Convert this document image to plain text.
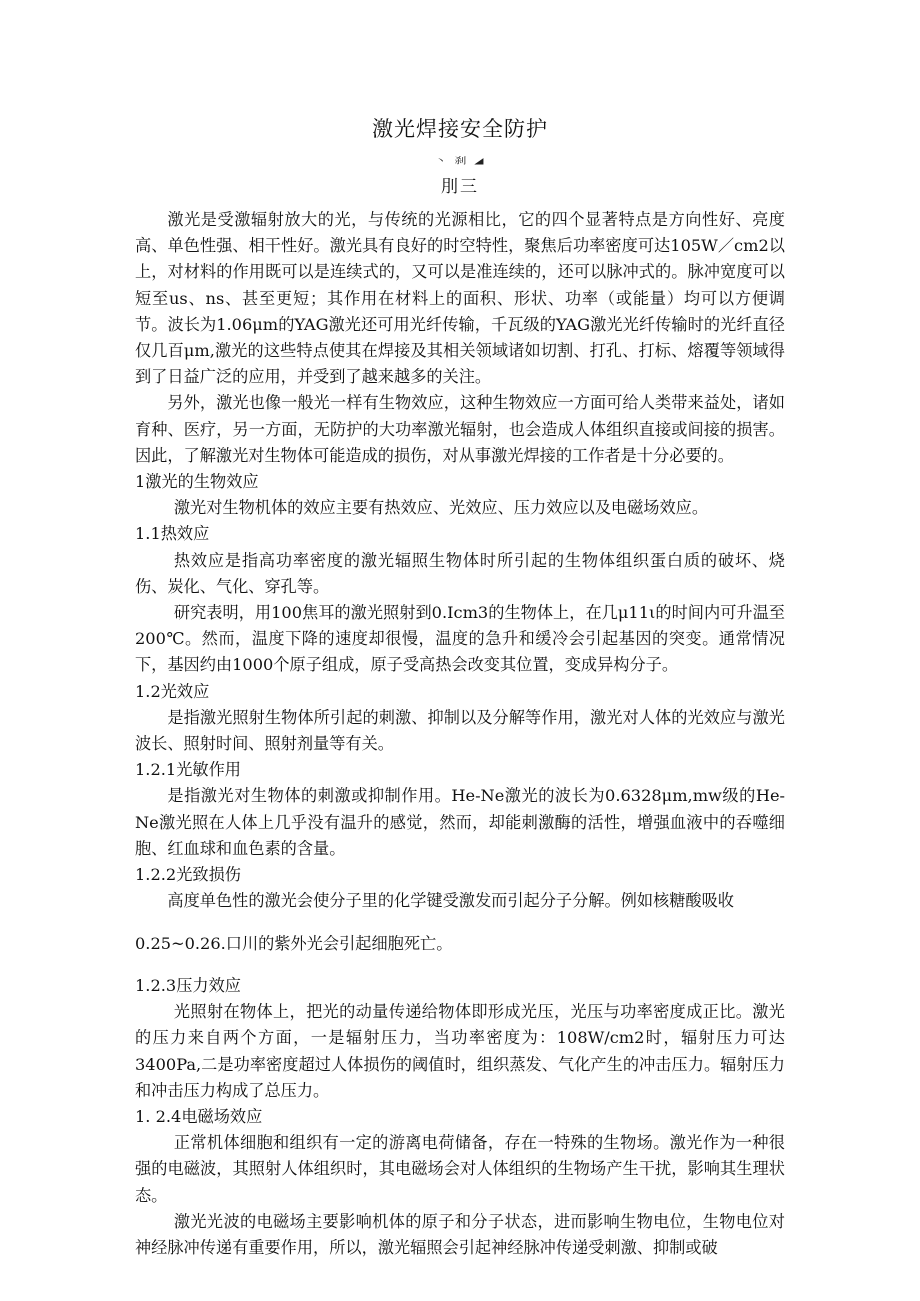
激光焊接安全防护
丶 刹 ◢
刖三

激光是受激辐射放大的光，与传统的光源相比，它的四个显著特点是方向性好、亮度高、单色性强、相干性好。激光具有良好的时空特性，聚焦后功率密度可达105W／cm2以上，对材料的作用既可以是连续式的，又可以是准连续的，还可以脉冲式的。脉冲宽度可以短至us、ns、甚至更短；其作用在材料上的面积、形状、功率（或能量）均可以方便调节。波长为1.06μm的YAG激光还可用光纤传输，千瓦级的YAG激光光纤传输时的光纤直径仅几百μm,激光的这些特点使其在焊接及其相关领域诸如切割、打孔、打标、熔覆等领域得到了日益广泛的应用，并受到了越来越多的关注。

另外，激光也像一般光一样有生物效应，这种生物效应一方面可给人类带来益处，诸如育种、医疗，另一方面，无防护的大功率激光辐射，也会造成人体组织直接或间接的损害。因此，了解激光对生物体可能造成的损伤，对从事激光焊接的工作者是十分必要的。

1激光的生物效应

激光对生物机体的效应主要有热效应、光效应、压力效应以及电磁场效应。

1.1热效应

热效应是指高功率密度的激光辐照生物体时所引起的生物体组织蛋白质的破坏、烧伤、炭化、气化、穿孔等。

研究表明，用100焦耳的激光照射到0.Icm3的生物体上，在几μ11ι的时间内可升温至200℃。然而，温度下降的速度却很慢，温度的急升和缓冷会引起基因的突变。通常情况下，基因约由1000个原子组成，原子受高热会改变其位置，变成异构分子。

1.2光效应

是指激光照射生物体所引起的刺激、抑制以及分解等作用，激光对人体的光效应与激光波长、照射时间、照射剂量等有关。

1.2.1光敏作用

是指激光对生物体的刺激或抑制作用。He-Ne激光的波长为0.6328μm,mw级的He-Ne激光照在人体上几乎没有温升的感觉，然而，却能刺激酶的活性，增强血液中的吞噬细胞、红血球和血色素的含量。

1.2.2光致损伤

高度单色性的激光会使分子里的化学键受激发而引起分子分解。例如核糖酸吸收

0.25~0.26.口川的紫外光会引起细胞死亡。

1.2.3压力效应

光照射在物体上，把光的动量传递给物体即形成光压，光压与功率密度成正比。激光的压力来自两个方面，一是辐射压力，当功率密度为：108W/cm2时，辐射压力可达3400Pa,二是功率密度超过人体损伤的阈值时，组织蒸发、气化产生的冲击压力。辐射压力和冲击压力构成了总压力。

1. 2.4电磁场效应

正常机体细胞和组织有一定的游离电荷储备，存在一特殊的生物场。激光作为一种很强的电磁波，其照射人体组织时，其电磁场会对人体组织的生物场产生干扰，影响其生理状态。

激光光波的电磁场主要影响机体的原子和分子状态，进而影响生物电位，生物电位对神经脉冲传递有重要作用，所以，激光辐照会引起神经脉冲传递受刺激、抑制或破
